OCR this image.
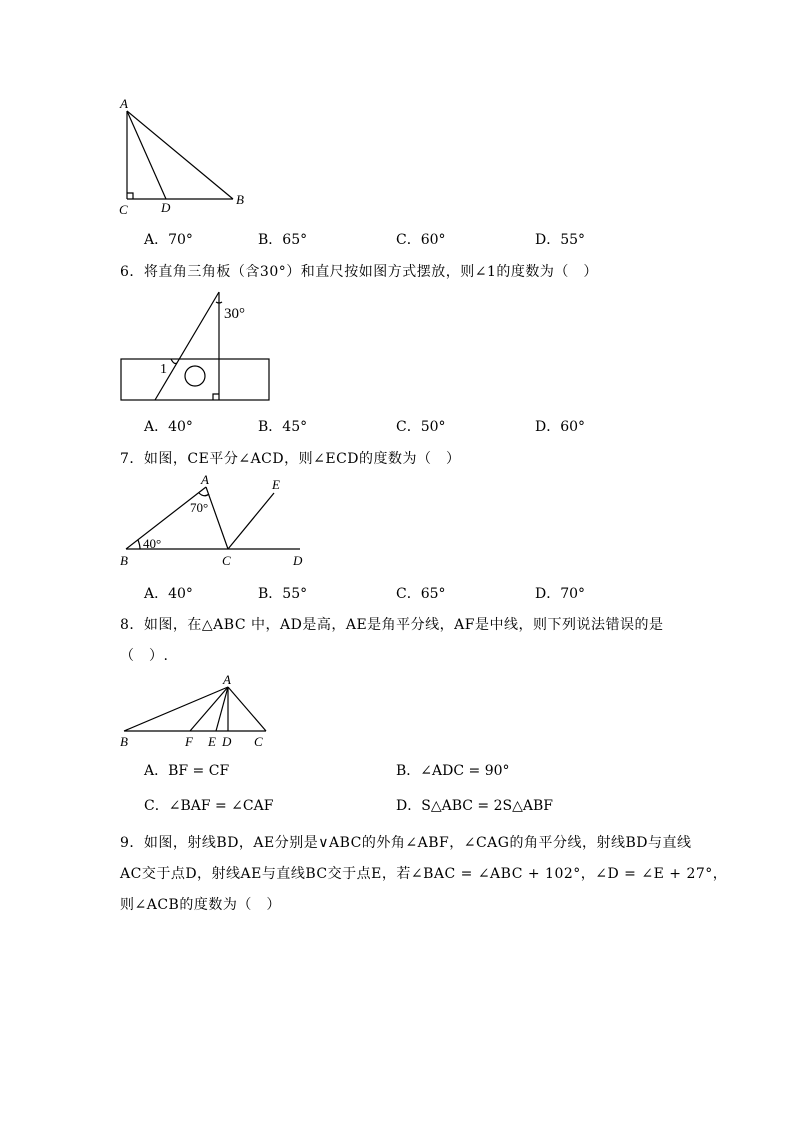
A
C	D
B
A．70°	B．65°	C．60°	D．55°
6．将直角三角板（含30°）和直尺按如图方式摆放，则∠1的度数为（　）
30°
1
A．40°	B．45°	C．50°	D．60°
7．如图，CE平分∠ACD，则∠ECD的度数为（　）
A	E
70°
40°
B	C	D
A．40°	B．55°	C．65°	D．70°
8．如图，在△ABC 中，AD是高，AE是角平分线，AF是中线，则下列说法错误的是
（　）.
A
B	F E D C
A．BF = CF	B．∠ADC = 90°
C．∠BAF = ∠CAF	D．S△ABC = 2S△ABF
9．如图，射线BD，AE分别是∨ABC的外角∠ABF，∠CAG的角平分线，射线BD与直线
AC交于点D，射线AE与直线BC交于点E，若∠BAC = ∠ABC + 102°，∠D = ∠E + 27°，
则∠ACB的度数为（　）
